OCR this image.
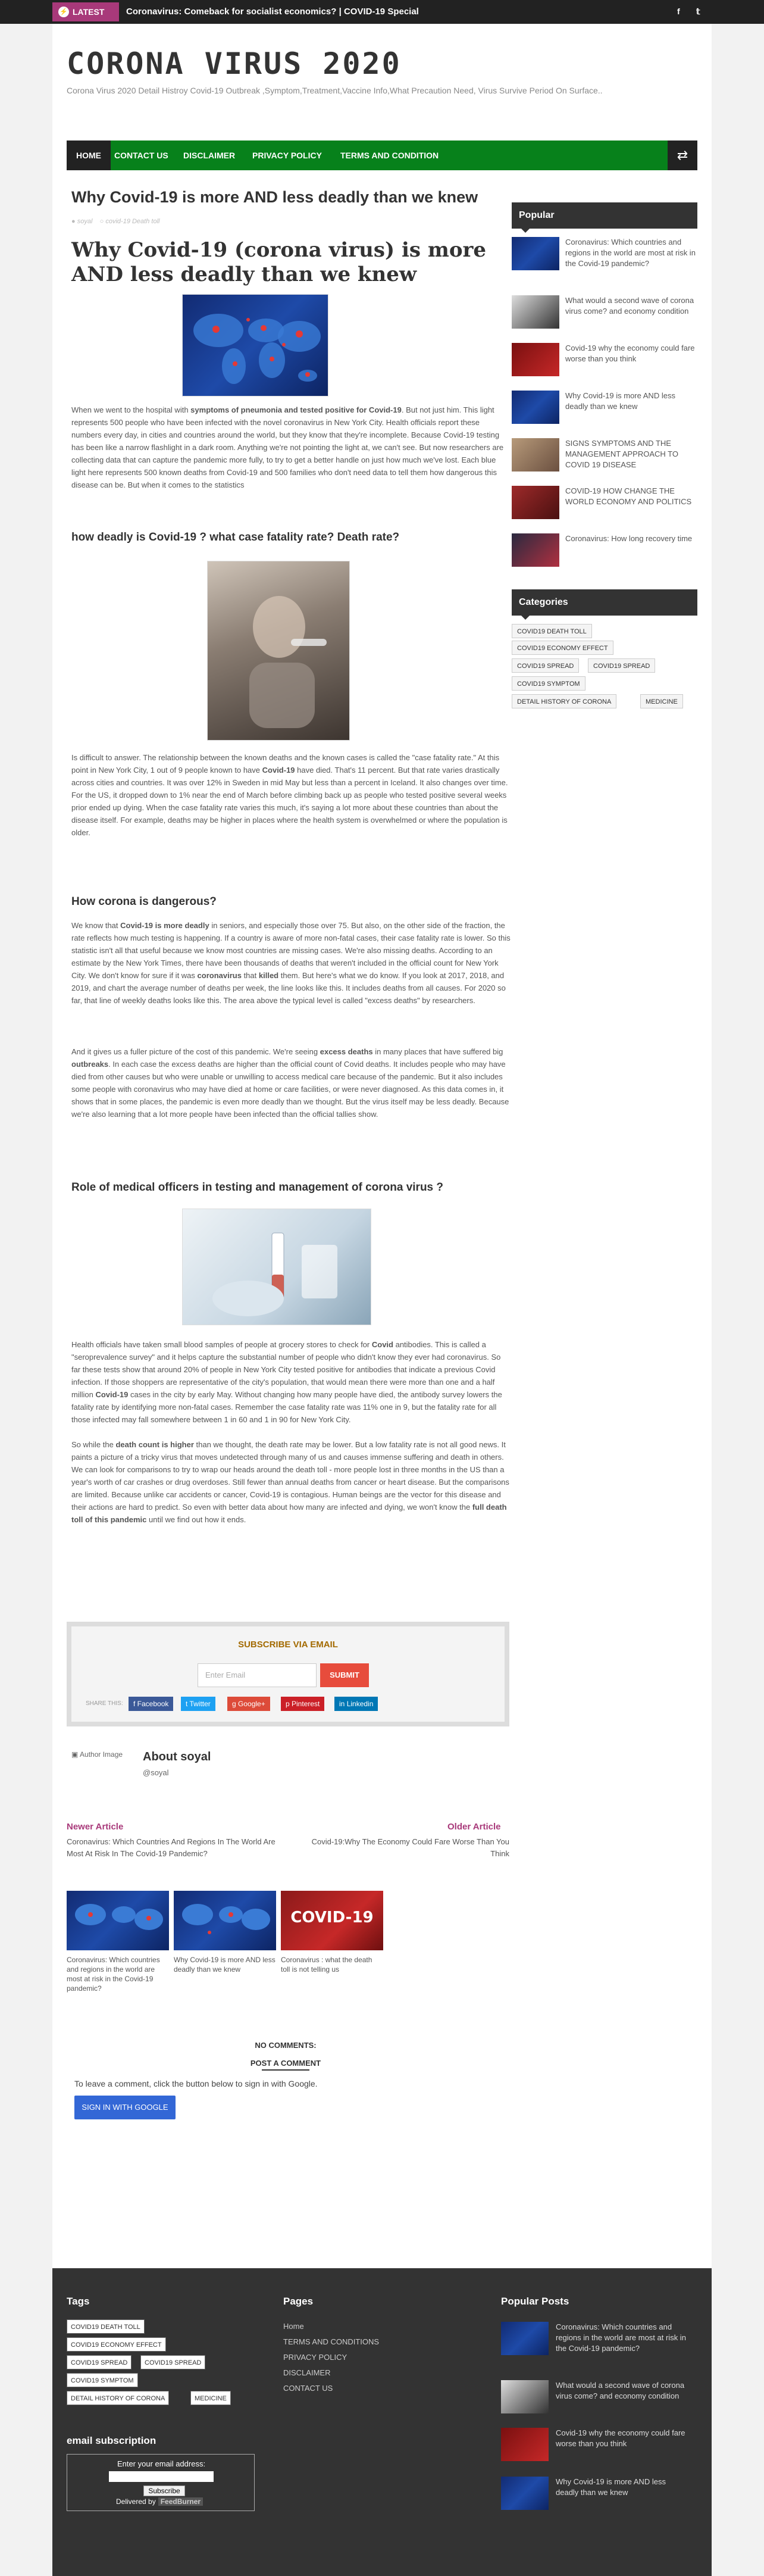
⚡ LATEST	Coronavirus: Comeback for socialist economics? | COVID-19 Special	f 𝕥
CORONA VIRUS 2020
Corona Virus 2020 Detail Histroy Covid-19 Outbreak ,Symptom,Treatment,Vaccine Info,What Precaution Need, Virus Survive Period On Surface..
HOME	CONTACT US DISCLAIMER PRIVACY POLICY TERMS AND CONDITION	⇄
Why Covid-19 is more AND less deadly than we knew
● soyal ○ covid-19 Death toll
Why Covid-19 (corona virus) is more AND less deadly than we knew

When we went to the hospital with symptoms of pneumonia and tested positive for Covid-19. But not just him. This light represents 500 people who have been infected with the novel coronavirus in New York City. Health officials report these numbers every day, in cities and countries around the world, but they know that they're incomplete. Because Covid-19 testing has been like a narrow flashlight in a dark room. Anything we're not pointing the light at, we can't see. But now researchers are collecting data that can capture the pandemic more fully, to try to get a better handle on just how much we've lost. Each blue light here represents 500 known deaths from Covid-19 and 500 families who don't need data to tell them how dangerous this disease can be. But when it comes to the statistics

how deadly is Covid-19 ? what case fatality rate? Death rate?

Is difficult to answer. The relationship between the known deaths and the known cases is called the "case fatality rate." At this point in New York City, 1 out of 9 people known to have Covid-19 have died. That's 11 percent. But that rate varies drastically across cities and countries. It was over 12% in Sweden in mid May but less than a percent in Iceland. It also changes over time. For the US, it dropped down to 1% near the end of March before climbing back up as people who tested positive several weeks prior ended up dying. When the case fatality rate varies this much, it's saying a lot more about these countries than about the disease itself. For example, deaths may be higher in places where the health system is overwhelmed or where the population is older.

How corona is dangerous?

We know that Covid-19 is more deadly in seniors, and especially those over 75. But also, on the other side of the fraction, the rate reflects how much testing is happening. If a country is aware of more non-fatal cases, their case fatality rate is lower. So this statistic isn't all that useful because we know most countries are missing cases. We're also missing deaths. According to an estimate by the New York Times, there have been thousands of deaths that weren't included in the official count for New York City. We don't know for sure if it was coronavirus that killed them. But here's what we do know. If you look at 2017, 2018, and 2019, and chart the average number of deaths per week, the line looks like this. It includes deaths from all causes. For 2020 so far, that line of weekly deaths looks like this. The area above the typical level is called "excess deaths" by researchers.

And it gives us a fuller picture of the cost of this pandemic. We're seeing excess deaths in many places that have suffered big outbreaks. In each case the excess deaths are higher than the official count of Covid deaths. It includes people who may have died from other causes but who were unable or unwilling to access medical care because of the pandemic. But it also includes some people with coronavirus who may have died at home or care facilities, or were never diagnosed. As this data comes in, it shows that in some places, the pandemic is even more deadly than we thought. But the virus itself may be less deadly. Because we're also learning that a lot more people have been infected than the official tallies show.

Role of medical officers in testing and management of corona virus ?

Health officials have taken small blood samples of people at grocery stores to check for Covid antibodies. This is called a "seroprevalence survey" and it helps capture the substantial number of people who didn't know they ever had coronavirus. So far these tests show that around 20% of people in New York City tested positive for antibodies that indicate a previous Covid infection. If those shoppers are representative of the city's population, that would mean there were more than one and a half million Covid-19 cases in the city by early May. Without changing how many people have died, the antibody survey lowers the fatality rate by identifying more non-fatal cases. Remember the case fatality rate was 11% one in 9, but the fatality rate for all those infected may fall somewhere between 1 in 60 and 1 in 90 for New York City.

So while the death count is higher than we thought, the death rate may be lower. But a low fatality rate is not all good news. It paints a picture of a tricky virus that moves undetected through many of us and causes immense suffering and death in others. We can look for comparisons to try to wrap our heads around the death toll - more people lost in three months in the US than a year's worth of car crashes or drug overdoses. Still fewer than annual deaths from cancer or heart disease. But the comparisons are limited. Because unlike car accidents or cancer, Covid-19 is contagious. Human beings are the vector for this disease and their actions are hard to predict. So even with better data about how many are infected and dying, we won't know the full death toll of this pandemic until we find out how it ends.

SUBSCRIBE VIA EMAIL
Enter Email	SUBMIT
SHARE THIS:	f Facebook	t Twitter	g Google+	p Pinterest	in Linkedin
▣ Author Image About soyal
@soyal
Newer Article
Coronavirus: Which Countries And Regions In The World Are Most At Risk In The Covid-19 Pandemic?
Older Article
Covid-19:Why The Economy Could Fare Worse Than You Think
COVID-19
Coronavirus: Which countries and regions in the world are most at risk in the Covid-19 pandemic?
Why Covid-19 is more AND less deadly than we knew
Coronavirus : what the death toll is not telling us
NO COMMENTS:
POST A COMMENT
To leave a comment, click the button below to sign in with Google.
SIGN IN WITH GOOGLE
Popular
Coronavirus: Which countries and regions in the world are most at risk in the Covid-19 pandemic?
What would a second wave of corona virus come? and economy condition
Covid-19 why the economy could fare worse than you think
Why Covid-19 is more AND less deadly than we knew
SIGNS SYMPTOMS AND THE MANAGEMENT APPROACH TO COVID 19 DISEASE
COVID-19 HOW CHANGE THE WORLD ECONOMY AND POLITICS
Coronavirus: How long recovery time
Categories
COVID19 DEATH TOLL
COVID19 ECONOMY EFFECT
COVID19 SPREAD	COVID19 SPREAD
COVID19 SYMPTOM
DETAIL HISTORY OF CORONA	MEDICINE
Tags
COVID19 DEATH TOLL
COVID19 ECONOMY EFFECT
COVID19 SPREAD	COVID19 SPREAD
COVID19 SYMPTOM
DETAIL HISTORY OF CORONA	MEDICINE
email subscription
Enter your email address:
Subscribe
Delivered by FeedBurner
Pages
Home
TERMS AND CONDITIONS
PRIVACY POLICY
DISCLAIMER
CONTACT US
Popular Posts
Coronavirus: Which countries and regions in the world are most at risk in the Covid-19 pandemic?
What would a second wave of corona virus come? and economy condition
Covid-19 why the economy could fare worse than you think
Why Covid-19 is more AND less deadly than we knew
